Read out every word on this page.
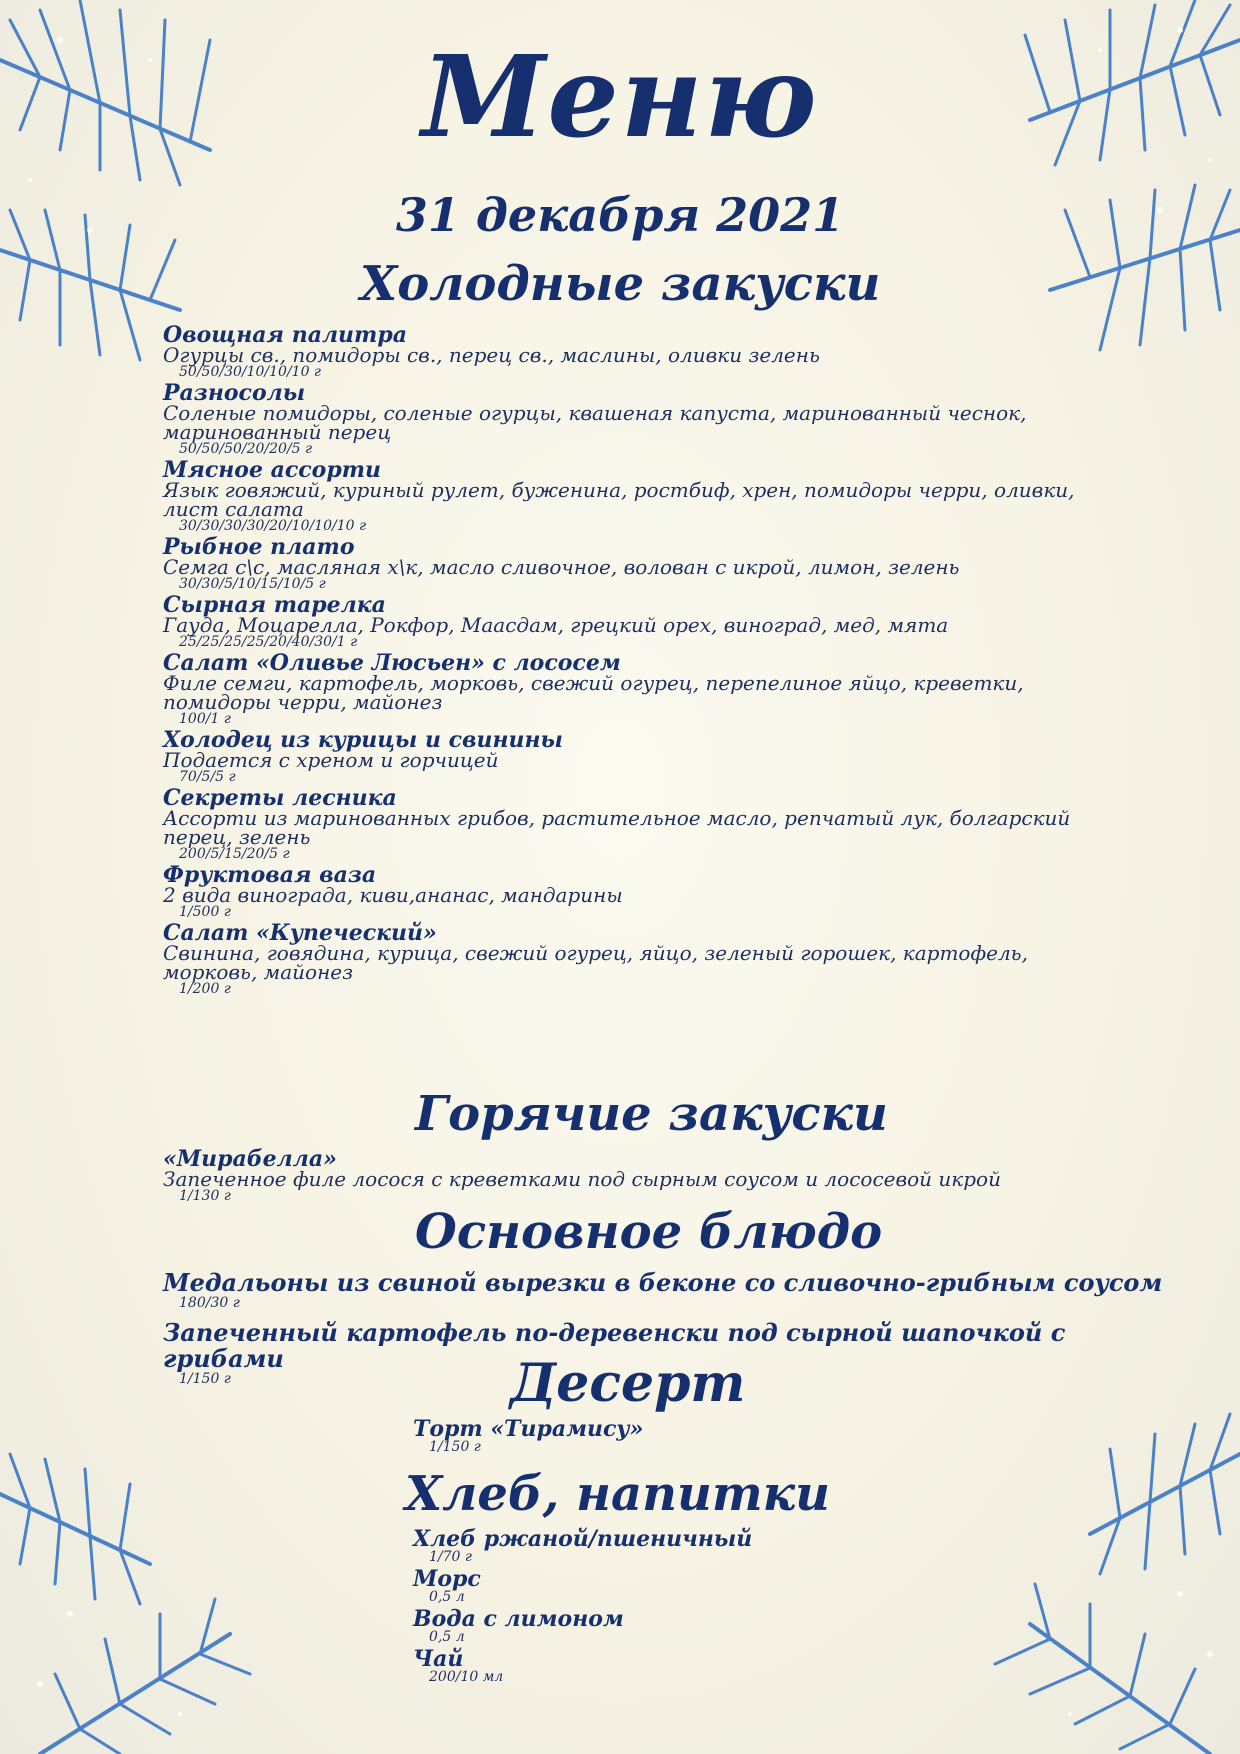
Меню
31 декабря 2021
Холодные закуски
Овощная палитра
Огурцы св., помидоры св., перец св., маслины, оливки зелень
50/50/30/10/10/10 г
Разносолы
Соленые помидоры, соленые огурцы, квашеная капуста, маринованный чеснок, маринованный перец
50/50/50/20/20/5 г
Мясное ассорти
Язык говяжий, куриный рулет, буженина, ростбиф, хрен, помидоры черри, оливки, лист салата
30/30/30/30/20/10/10/10 г
Рыбное плато
Семга с\с, масляная х\к, масло сливочное, волован с икрой, лимон, зелень
30/30/5/10/15/10/5 г
Сырная тарелка
Гауда, Моцарелла, Рокфор, Маасдам, грецкий орех, виноград, мед, мята
25/25/25/25/20/40/30/1 г
Салат «Оливье Люсьен» с лососем
Филе семги, картофель, морковь, свежий огурец, перепелиное яйцо, креветки, помидоры черри, майонез
100/1 г
Холодец из курицы и свинины
Подается с хреном и горчицей
70/5/5 г
Секреты лесника
Ассорти из маринованных грибов, растительное масло, репчатый лук, болгарский перец, зелень
200/5/15/20/5 г
Фруктовая ваза
2 вида винограда, киви,ананас, мандарины
1/500 г
Салат «Купеческий»
Свинина, говядина, курица, свежий огурец, яйцо, зеленый горошек, картофель, морковь, майонез
1/200 г
Горячие закуски
«Мирабелла»
Запеченное филе лосося с креветками под сырным соусом и лососевой икрой
1/130 г
Основное блюдо
Медальоны из свиной вырезки в беконе со сливочно-грибным соусом
180/30 г
Запеченный картофель по-деревенски под сырной шапочкой с грибами
1/150 г	Десерт
Торт «Тирамису»
1/150 г
Хлеб, напитки
Хлеб ржаной/пшеничный
1/70 г
Морс
0,5 л
Вода с лимоном
0,5 л
Чай
200/10 мл
